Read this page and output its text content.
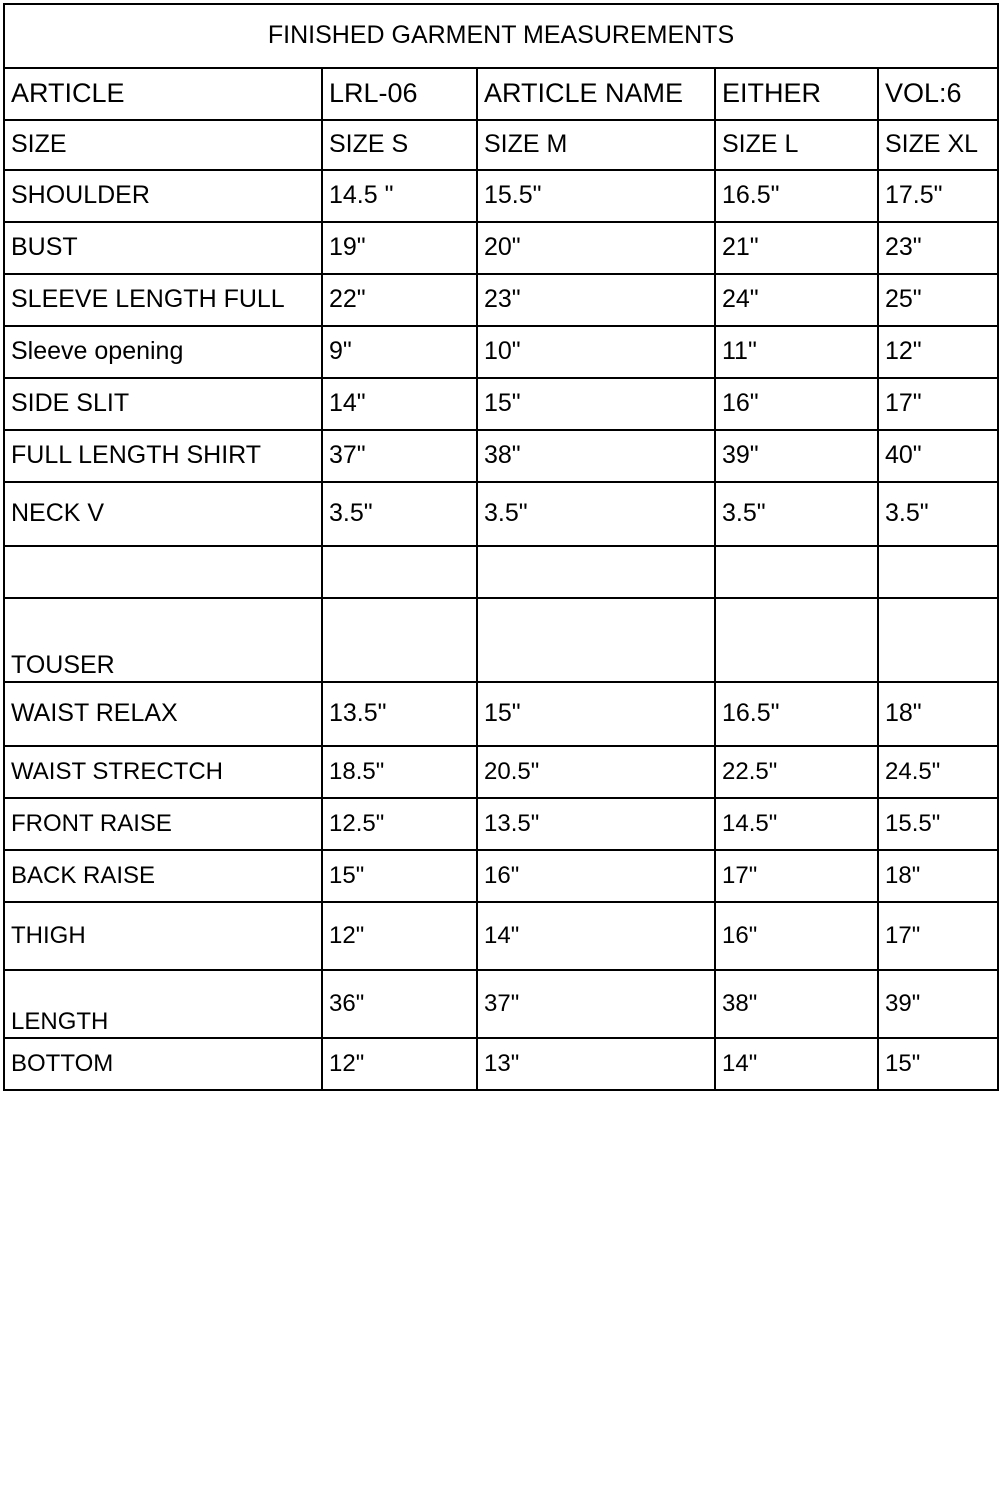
FINISHED GARMENT MEASUREMENTS				
ARTICLE	LRL-06	ARTICLE NAME	EITHER	VOL:6
SIZE	SIZE S	SIZE M	SIZE L	SIZE XL
SHOULDER	14.5 "	15.5"	16.5"	17.5"
BUST	19"	20"	21"	23"
SLEEVE LENGTH FULL	22"	23"	24"	25"
Sleeve opening	9"	10"	11"	12"
SIDE SLIT	14"	15"	16"	17"
FULL LENGTH SHIRT	37"	38"	39"	40"
NECK V	3.5"	3.5"	3.5"	3.5"

TOUSER				
WAIST RELAX	13.5"	15"	16.5"	18"
WAIST STRECTCH	18.5"	20.5"	22.5"	24.5"
FRONT RAISE	12.5"	13.5"	14.5"	15.5"
BACK RAISE	15"	16"	17"	18"
THIGH	12"	14"	16"	17"
LENGTH	36"	37"	38"	39"
BOTTOM	12"	13"	14"	15"
